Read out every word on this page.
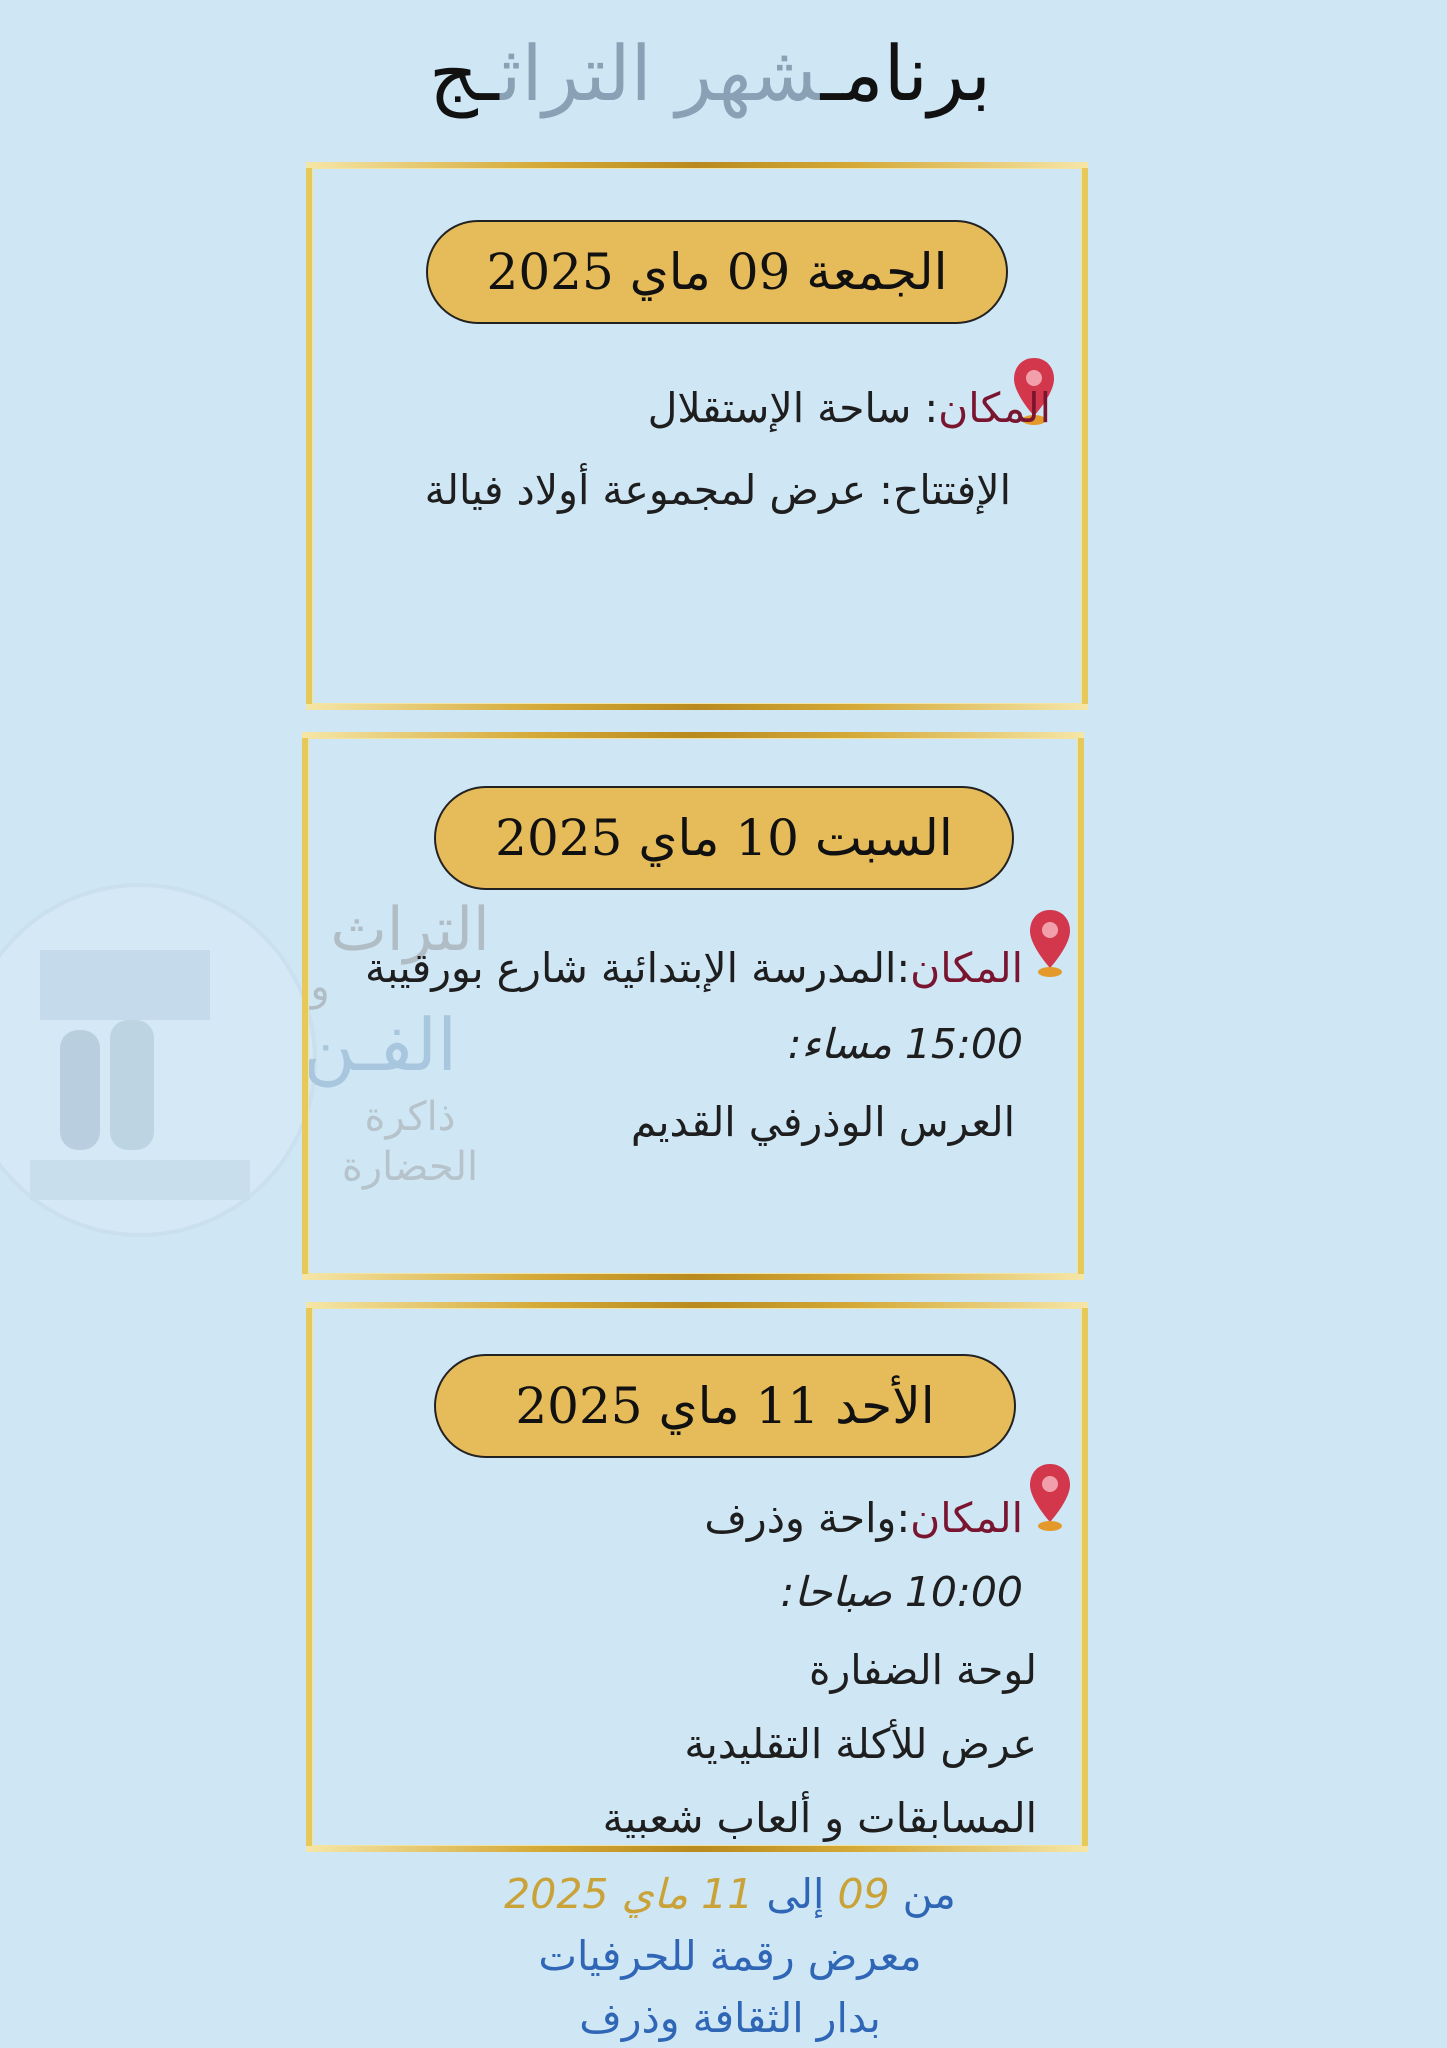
برنامـشهر التراثـج
التراث
و
الفـن
ذاكرة
الحضارة
الجمعة 09 ماي 2025
المكان: ساحة الإستقلال
الإفتتاح: عرض لمجموعة أولاد فيالة
السبت 10 ماي 2025
المكان:المدرسة الإبتدائية شارع بورقيبة
15:00 مساء:
العرس الوذرفي القديم
الأحد 11 ماي 2025
المكان:واحة وذرف
10:00 صباحا:
لوحة الضفارة
عرض للأكلة التقليدية
المسابقات و ألعاب شعبية
من 09 إلى 11 ماي 2025
معرض رقمة للحرفيات
بدار الثقافة وذرف
